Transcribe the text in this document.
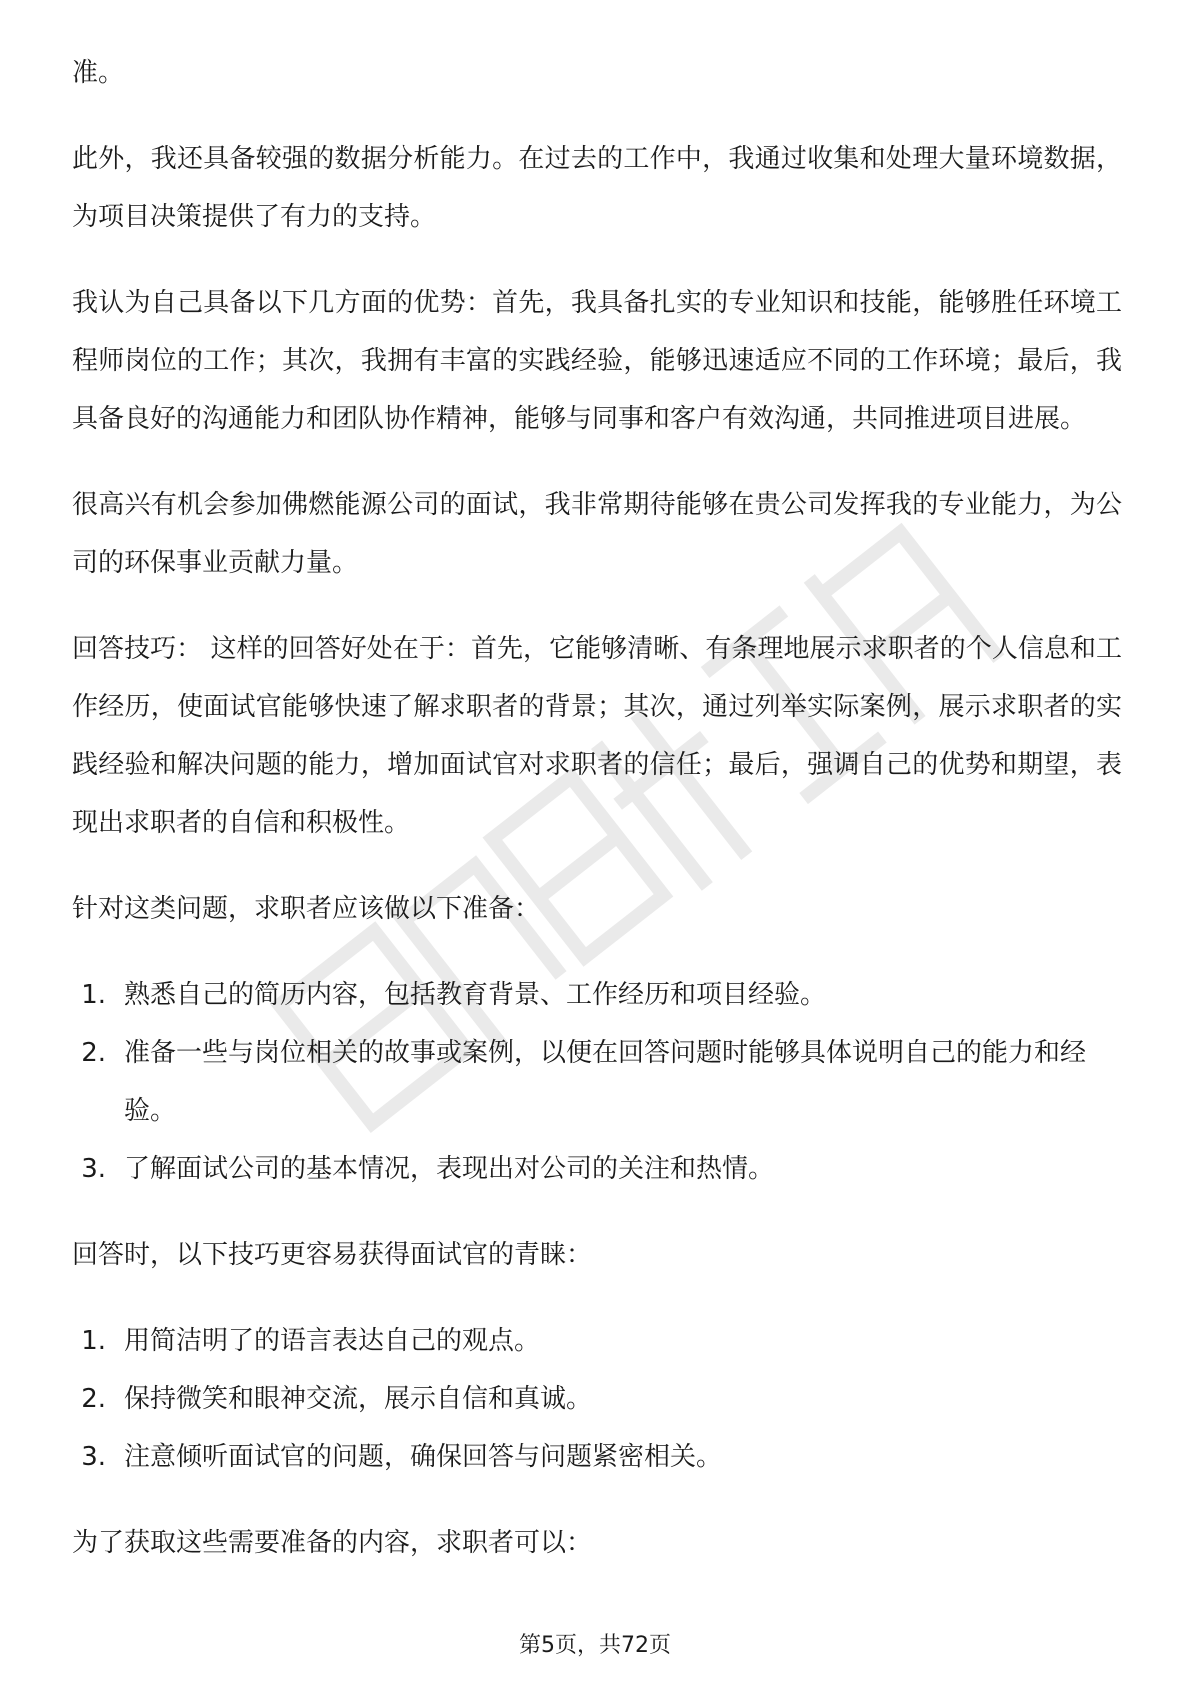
准。

此外，我还具备较强的数据分析能力。在过去的工作中，我通过收集和处理大量环境数据，为项目决策提供了有力的支持。

我认为自己具备以下几方面的优势：首先，我具备扎实的专业知识和技能，能够胜任环境工程师岗位的工作；其次，我拥有丰富的实践经验，能够迅速适应不同的工作环境；最后，我具备良好的沟通能力和团队协作精神，能够与同事和客户有效沟通，共同推进项目进展。

很高兴有机会参加佛燃能源公司的面试，我非常期待能够在贵公司发挥我的专业能力，为公司的环保事业贡献力量。

回答技巧： 这样的回答好处在于：首先，它能够清晰、有条理地展示求职者的个人信息和工作经历，使面试官能够快速了解求职者的背景；其次，通过列举实际案例，展示求职者的实践经验和解决问题的能力，增加面试官对求职者的信任；最后，强调自己的优势和期望，表现出求职者的自信和积极性。

针对这类问题，求职者应该做以下准备：

1. 熟悉自己的简历内容，包括教育背景、工作经历和项目经验。
2. 准备一些与岗位相关的故事或案例，以便在回答问题时能够具体说明自己的能力和经验。
3. 了解面试公司的基本情况，表现出对公司的关注和热情。

回答时，以下技巧更容易获得面试官的青睐：

1. 用简洁明了的语言表达自己的观点。
2. 保持微笑和眼神交流，展示自信和真诚。
3. 注意倾听面试官的问题，确保回答与问题紧密相关。

为了获取这些需要准备的内容，求职者可以：

第5页，共72页
